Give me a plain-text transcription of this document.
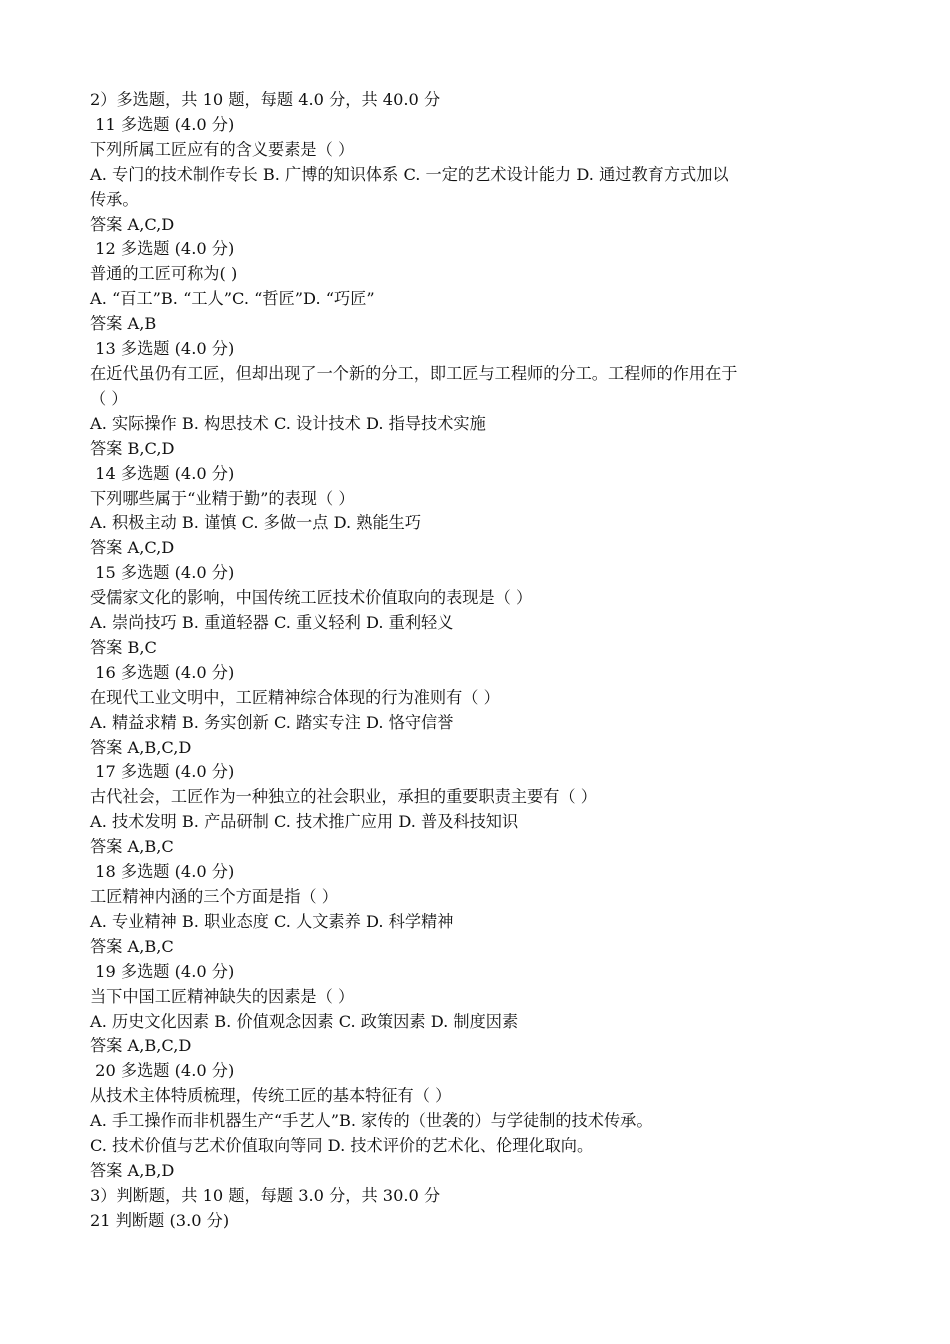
2）多选题，共 10 题，每题 4.0 分，共 40.0 分
11 多选题 (4.0 分)
下列所属工匠应有的含义要素是（ ）
A. 专门的技术制作专长 B. 广博的知识体系 C. 一定的艺术设计能力 D. 通过教育方式加以
传承。
答案 A,C,D
12 多选题 (4.0 分)
普通的工匠可称为( )
A. “百工”B. “工人”C. “哲匠”D. “巧匠”
答案 A,B
13 多选题 (4.0 分)
在近代虽仍有工匠，但却出现了一个新的分工，即工匠与工程师的分工。工程师的作用在于
（ ）
A. 实际操作 B. 构思技术 C. 设计技术 D. 指导技术实施
答案 B,C,D
14 多选题 (4.0 分)
下列哪些属于“业精于勤”的表现（ ）
A. 积极主动 B. 谨慎 C. 多做一点 D. 熟能生巧
答案 A,C,D
15 多选题 (4.0 分)
受儒家文化的影响，中国传统工匠技术价值取向的表现是（ ）
A. 崇尚技巧 B. 重道轻器 C. 重义轻利 D. 重利轻义
答案 B,C
16 多选题 (4.0 分)
在现代工业文明中，工匠精神综合体现的行为准则有（ ）
A. 精益求精 B. 务实创新 C. 踏实专注 D. 恪守信誉
答案 A,B,C,D
17 多选题 (4.0 分)
古代社会，工匠作为一种独立的社会职业，承担的重要职责主要有（ ）
A. 技术发明 B. 产品研制 C. 技术推广应用 D. 普及科技知识
答案 A,B,C
18 多选题 (4.0 分)
工匠精神内涵的三个方面是指（ ）
A. 专业精神 B. 职业态度 C. 人文素养 D. 科学精神
答案 A,B,C
19 多选题 (4.0 分)
当下中国工匠精神缺失的因素是（ ）
A. 历史文化因素 B. 价值观念因素 C. 政策因素 D. 制度因素
答案 A,B,C,D
20 多选题 (4.0 分)
从技术主体特质梳理，传统工匠的基本特征有（ ）
A. 手工操作而非机器生产“手艺人”B. 家传的（世袭的）与学徒制的技术传承。
C. 技术价值与艺术价值取向等同 D. 技术评价的艺术化、伦理化取向。
答案 A,B,D
3）判断题，共 10 题，每题 3.0 分，共 30.0 分
21 判断题 (3.0 分)
